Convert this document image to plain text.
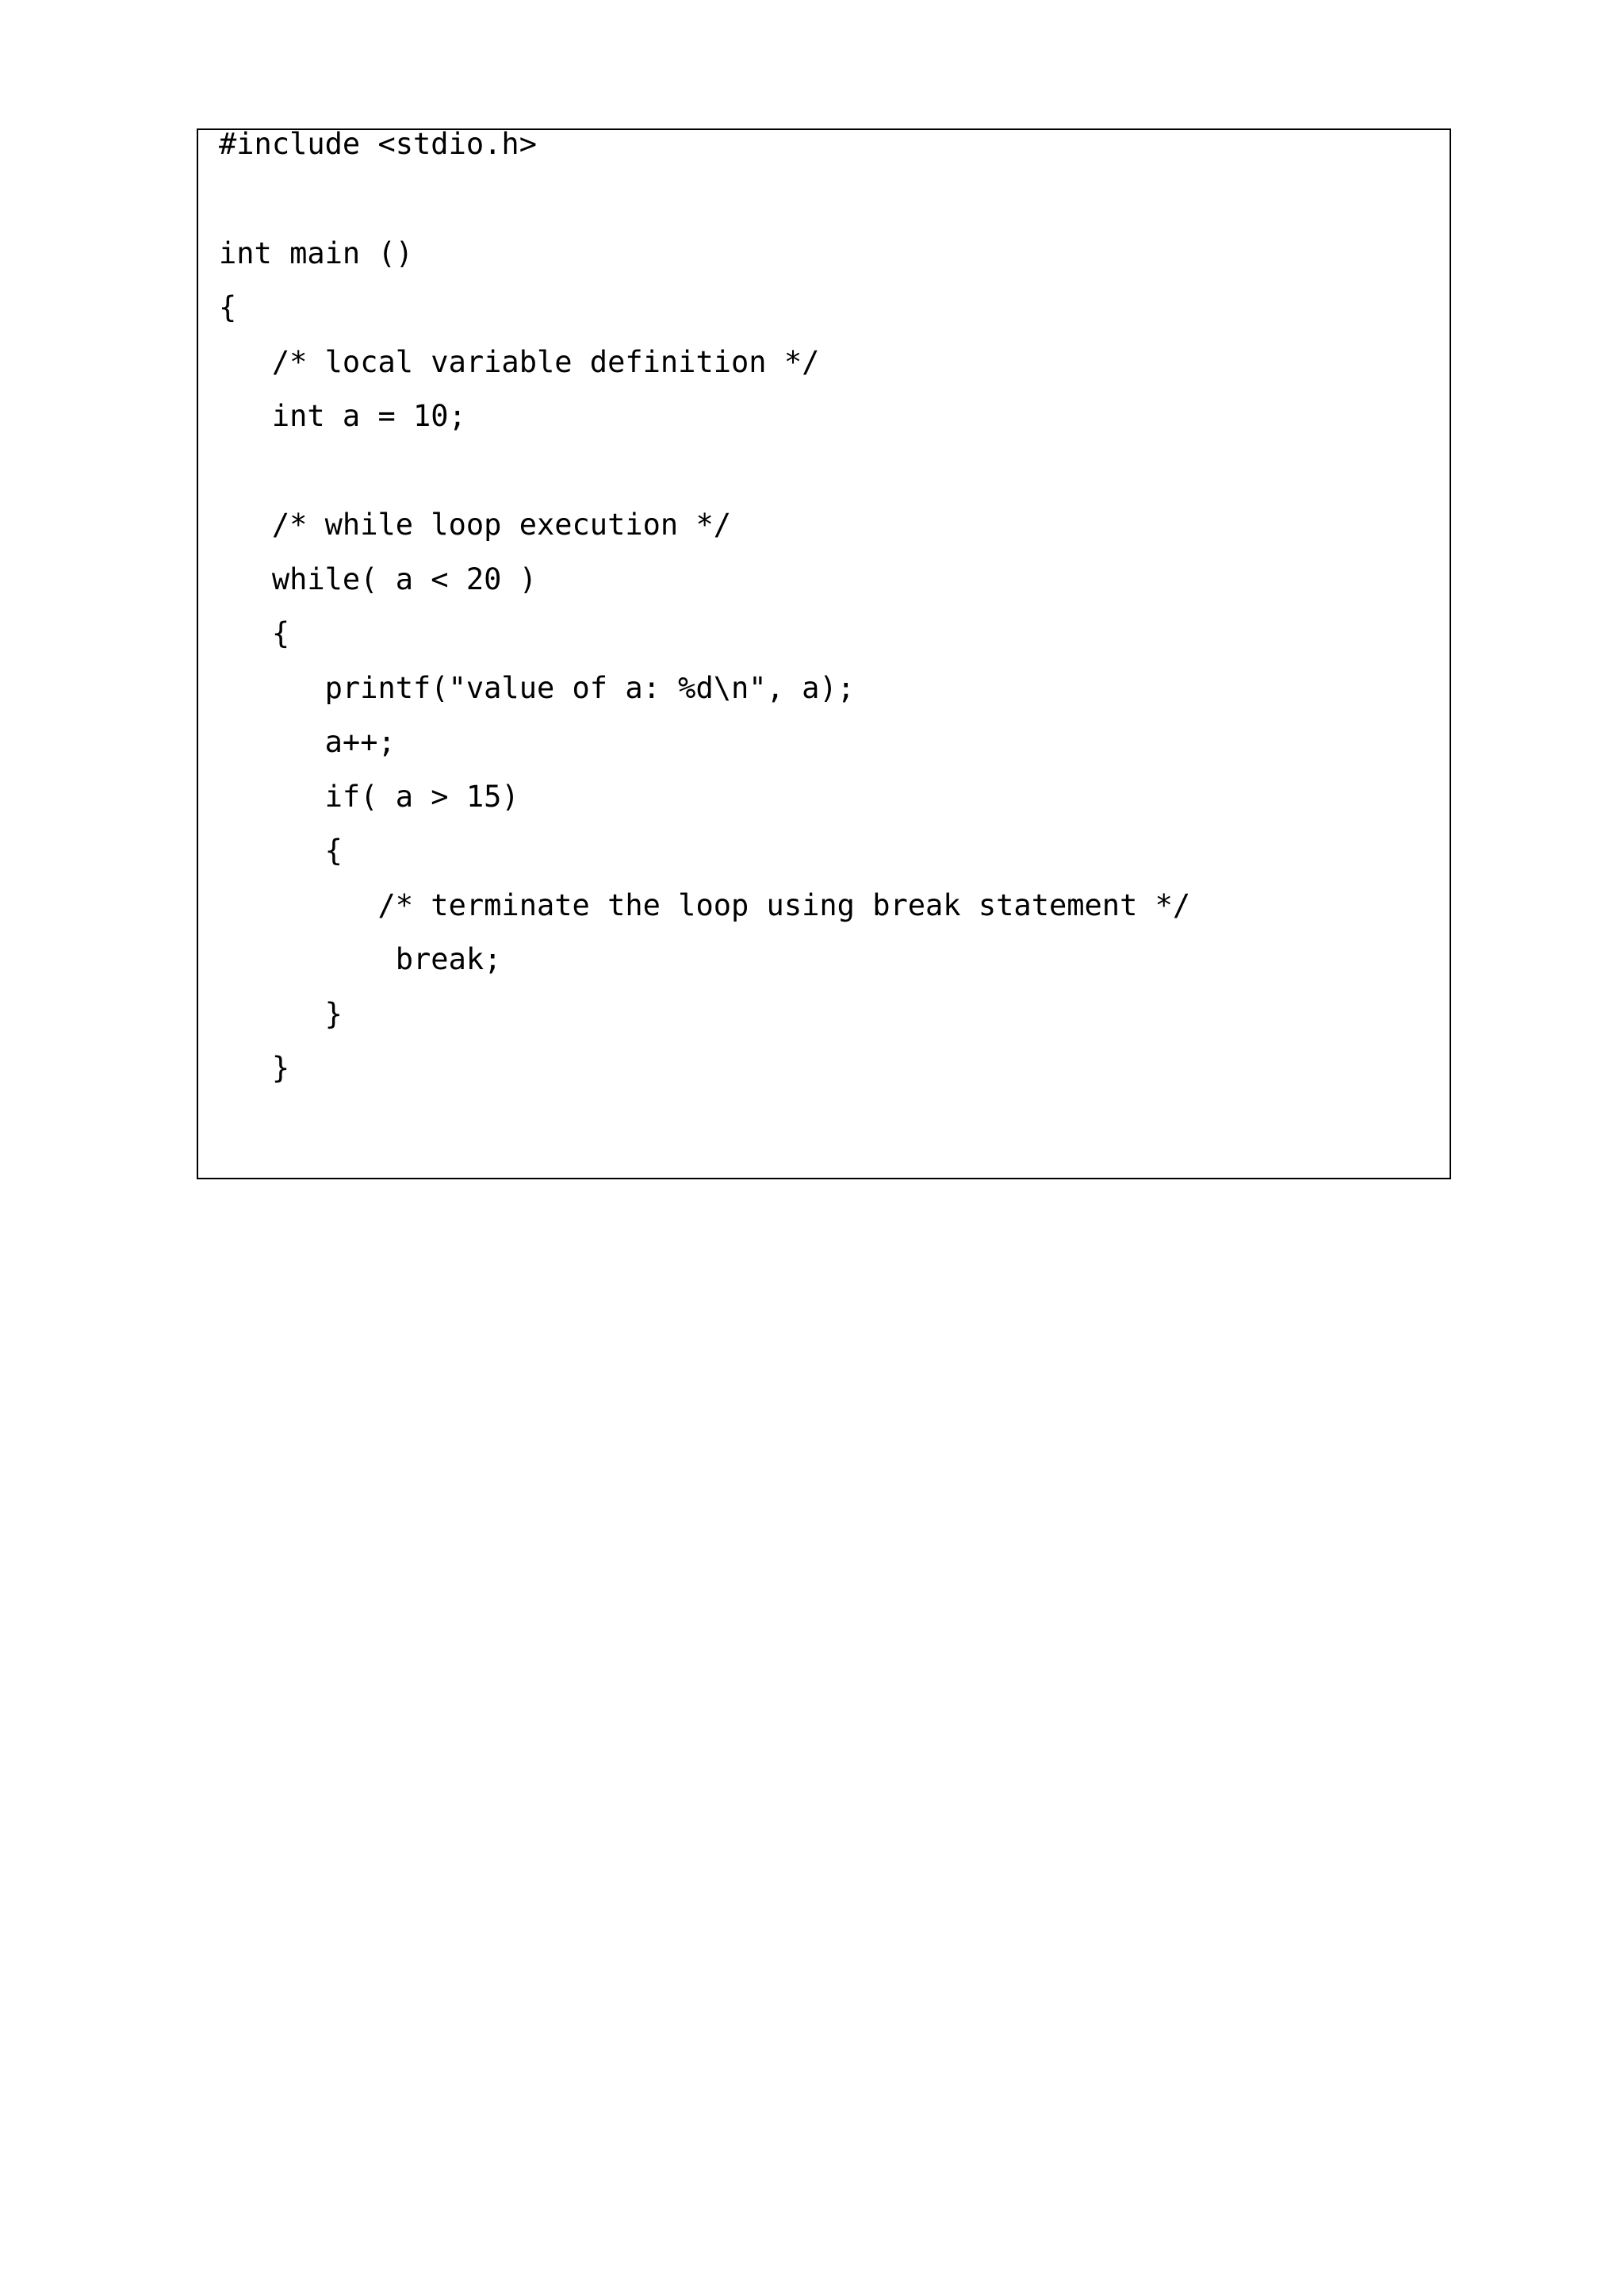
#include <stdio.h>
int main ()
{
/* local variable definition */
int a = 10;
/* while loop execution */
while( a < 20 )
{
printf("value of a: %d\n", a);
a++;
if( a > 15)
{
/* terminate the loop using break statement */
break;
}
}
